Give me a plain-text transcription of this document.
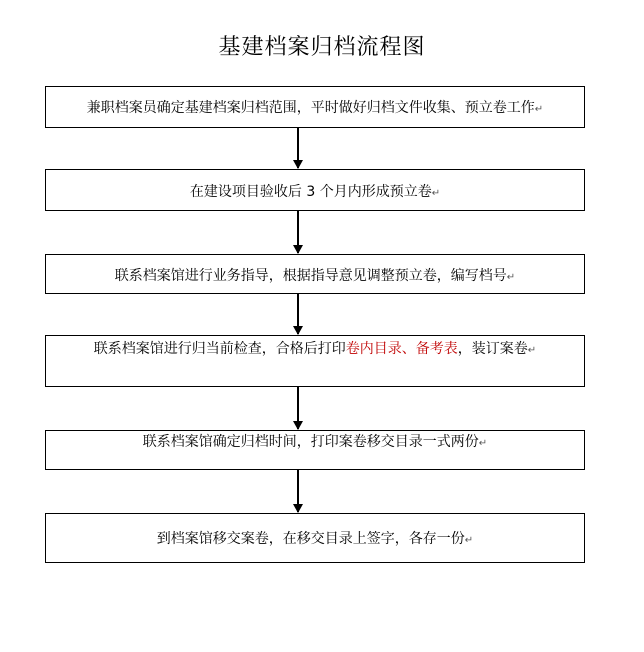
基建档案归档流程图
兼职档案员确定基建档案归档范围，平时做好归档文件收集、预立卷工作↵
在建设项目验收后 3 个月内形成预立卷↵
联系档案馆进行业务指导，根据指导意见调整预立卷，编写档号↵
联系档案馆进行归当前检查，合格后打印卷内目录、备考表，装订案卷↵
联系档案馆确定归档时间，打印案卷移交目录一式两份↵
到档案馆移交案卷，在移交目录上签字，各存一份↵
